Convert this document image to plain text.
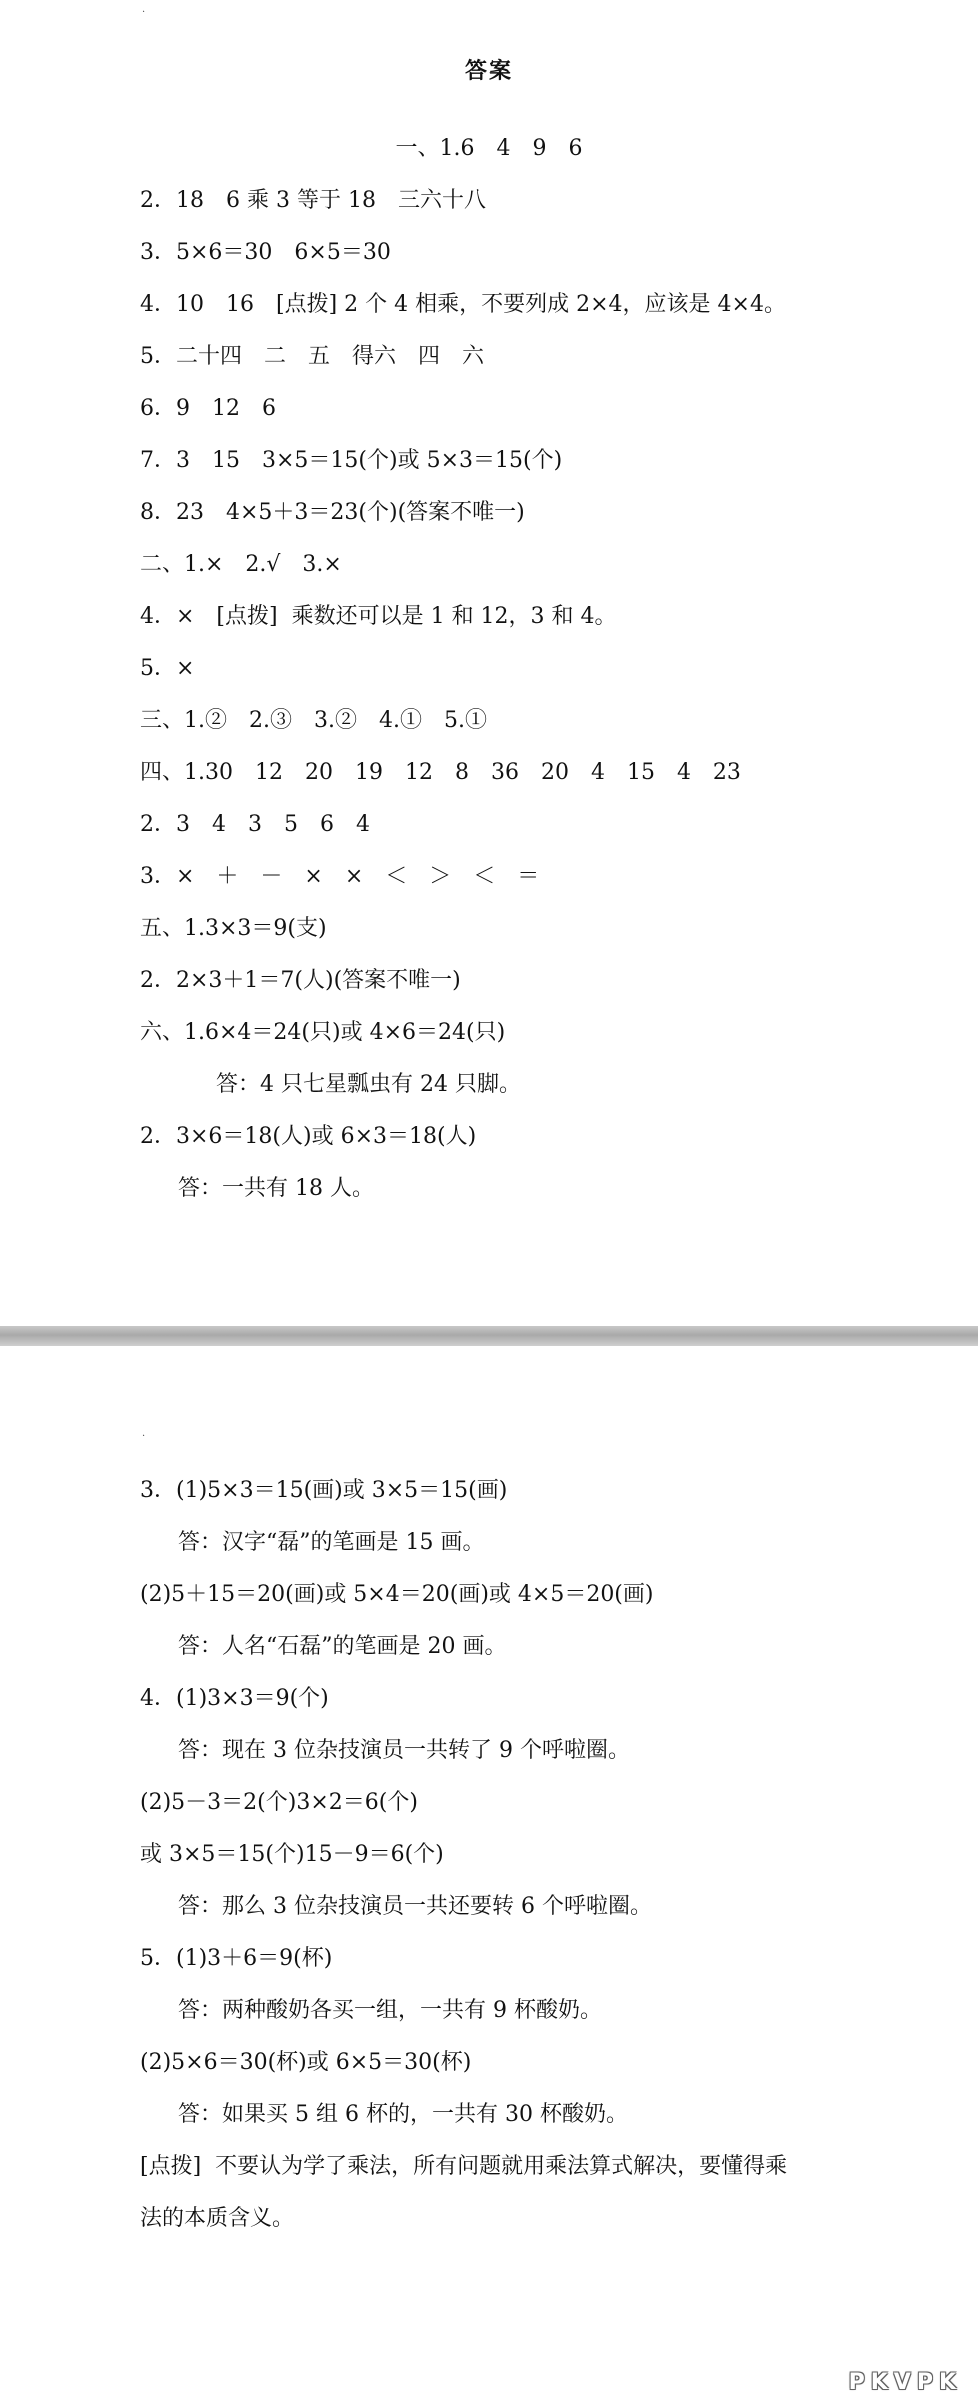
·
答案
一、1.6　4　9　6
2．18　6 乘 3 等于 18　三六十八
3．5×6＝30　6×5＝30
4．10　16　[点拨] 2 个 4 相乘，不要列成 2×4，应该是 4×4。
5．二十四　二　五　得六　四　六
6．9　12　6
7．3　15　3×5＝15(个)或 5×3＝15(个)
8．23　4×5＋3＝23(个)(答案不唯一)
二、1.×　2.√　3.×
4．×　[点拨]  乘数还可以是 1 和 12，3 和 4。
5．×
三、1.②　2.③　3.②　4.①　5.①
四、1.30　12　20　19　12　8　36　20　4　15　4　23
2．3　4　3　5　6　4
3．×　＋　－　×　×　＜　＞　＜　＝
五、1.3×3＝9(支)
2．2×3＋1＝7(人)(答案不唯一)
六、1.6×4＝24(只)或 4×6＝24(只)
答：4 只七星瓢虫有 24 只脚。
2．3×6＝18(人)或 6×3＝18(人)
答：一共有 18 人。
·
3．(1)5×3＝15(画)或 3×5＝15(画)
答：汉字“磊”的笔画是 15 画。
(2)5＋15＝20(画)或 5×4＝20(画)或 4×5＝20(画)
答：人名“石磊”的笔画是 20 画。
4．(1)3×3＝9(个)
答：现在 3 位杂技演员一共转了 9 个呼啦圈。
(2)5－3＝2(个)3×2＝6(个)
或 3×5＝15(个)15－9＝6(个)
答：那么 3 位杂技演员一共还要转 6 个呼啦圈。
5．(1)3＋6＝9(杯)
答：两种酸奶各买一组，一共有 9 杯酸奶。
(2)5×6＝30(杯)或 6×5＝30(杯)
答：如果买 5 组 6 杯的，一共有 30 杯酸奶。
[点拨]  不要认为学了乘法，所有问题就用乘法算式解决，要懂得乘
法的本质含义。
PKVPK
